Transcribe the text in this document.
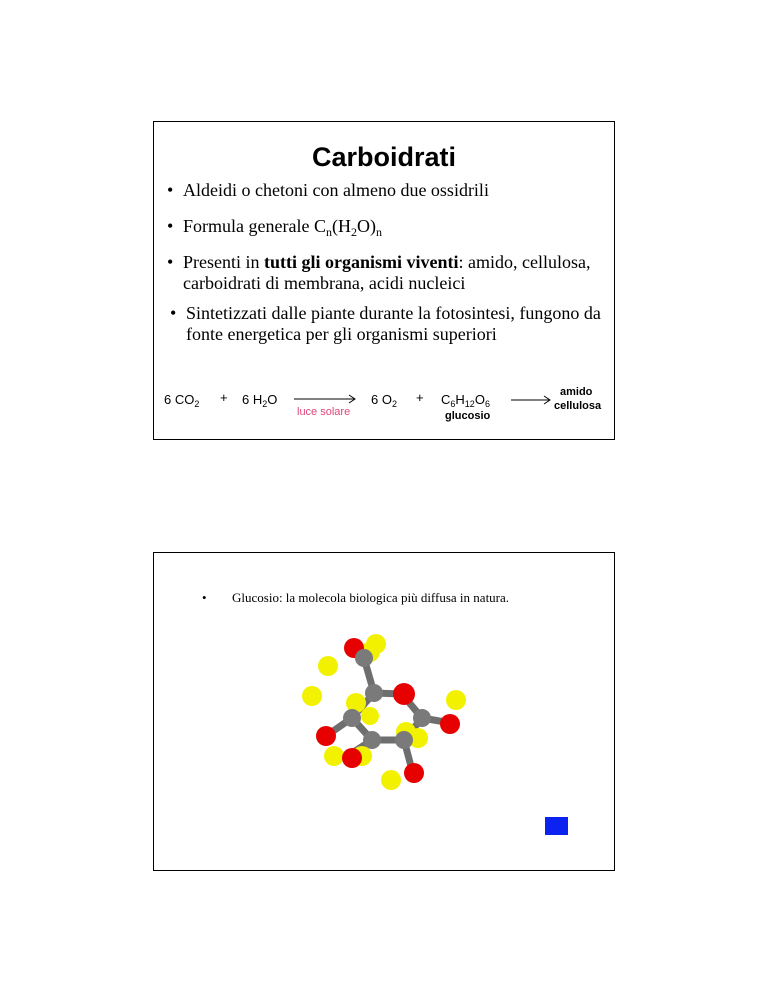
Carboidrati
• Aldeidi o chetoni con almeno due ossidrili
• Formula generale $C_n(H_2O)_n$
• Presenti in tutti gli organismi viventi: amido, cellulosa, carboidrati di membrana, acidi nucleici
• Sintetizzati dalle piante durante la fotosintesi, fungono da fonte energetica per gli organismi superiori
6 $CO_2 + 6$ $H_2O$
luce solare
6 $O_2 + C_6H_{12}O_6$
glucosio
amido
cellulosa
• Glucosio: la molecola biologica più diffusa in natura.
